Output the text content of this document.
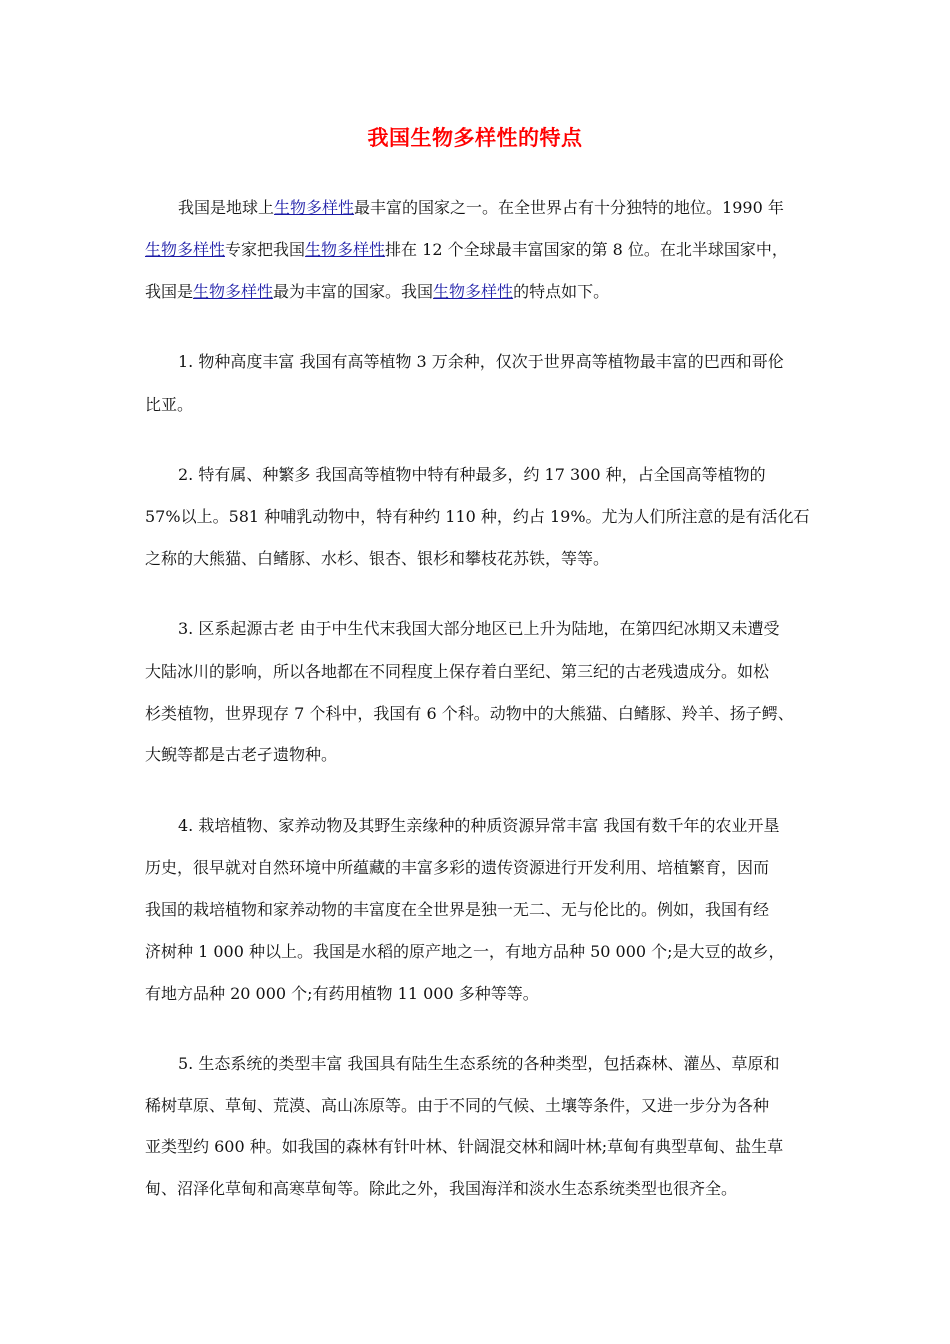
我国生物多样性的特点
我国是地球上生物多样性最丰富的国家之一。在全世界占有十分独特的地位。1990 年
生物多样性专家把我国生物多样性排在 12 个全球最丰富国家的第 8 位。在北半球国家中，
我国是生物多样性最为丰富的国家。我国生物多样性的特点如下。
1. 物种高度丰富 我国有高等植物 3 万余种，仅次于世界高等植物最丰富的巴西和哥伦
比亚。
2. 特有属、种繁多 我国高等植物中特有种最多，约 17 300 种，占全国高等植物的
57%以上。581 种哺乳动物中，特有种约 110 种，约占 19%。尤为人们所注意的是有活化石
之称的大熊猫、白鳍豚、水杉、银杏、银杉和攀枝花苏铁，等等。
3. 区系起源古老 由于中生代末我国大部分地区已上升为陆地，在第四纪冰期又未遭受
大陆冰川的影响，所以各地都在不同程度上保存着白垩纪、第三纪的古老残遗成分。如松
杉类植物，世界现存 7 个科中，我国有 6 个科。动物中的大熊猫、白鳍豚、羚羊、扬子鳄、
大鲵等都是古老孑遗物种。
4. 栽培植物、家养动物及其野生亲缘种的种质资源异常丰富 我国有数千年的农业开垦
历史，很早就对自然环境中所蕴藏的丰富多彩的遗传资源进行开发利用、培植繁育，因而
我国的栽培植物和家养动物的丰富度在全世界是独一无二、无与伦比的。例如，我国有经
济树种 1 000 种以上。我国是水稻的原产地之一，有地方品种 50 000 个;是大豆的故乡，
有地方品种 20 000 个;有药用植物 11 000 多种等等。
5. 生态系统的类型丰富 我国具有陆生生态系统的各种类型，包括森林、灌丛、草原和
稀树草原、草甸、荒漠、高山冻原等。由于不同的气候、土壤等条件，又进一步分为各种
亚类型约 600 种。如我国的森林有针叶林、针阔混交林和阔叶林;草甸有典型草甸、盐生草
甸、沼泽化草甸和高寒草甸等。除此之外，我国海洋和淡水生态系统类型也很齐全。
